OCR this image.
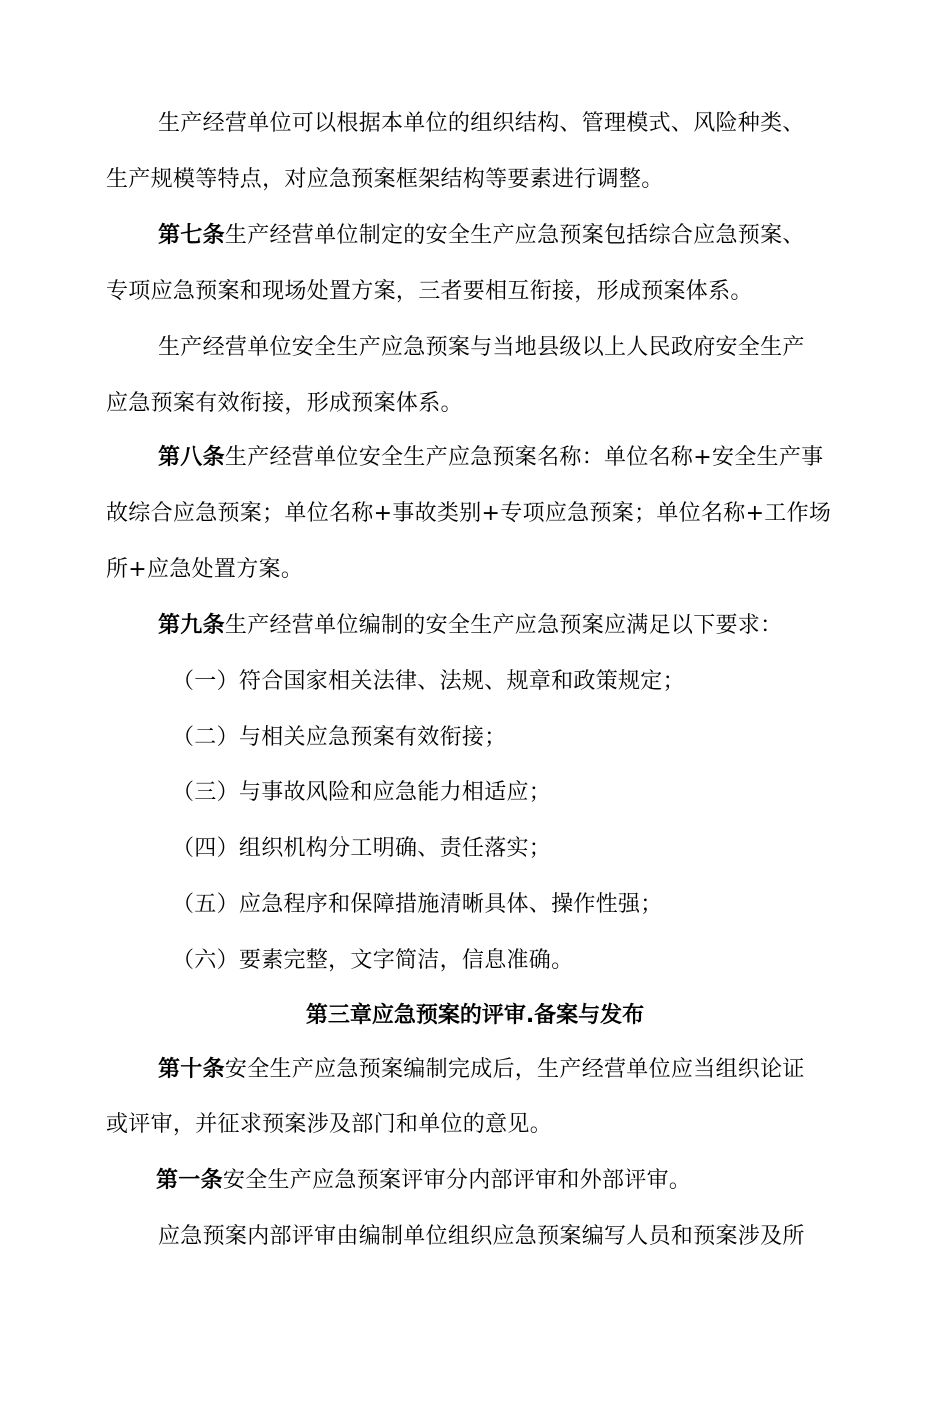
生产经营单位可以根据本单位的组织结构、管理模式、风险种类、
生产规模等特点，对应急预案框架结构等要素进行调整。
第七条生产经营单位制定的安全生产应急预案包括综合应急预案、
专项应急预案和现场处置方案，三者要相互衔接，形成预案体系。
生产经营单位安全生产应急预案与当地县级以上人民政府安全生产
应急预案有效衔接，形成预案体系。
第八条生产经营单位安全生产应急预案名称：单位名称+安全生产事
故综合应急预案；单位名称+事故类别+专项应急预案；单位名称+工作场
所+应急处置方案。
第九条生产经营单位编制的安全生产应急预案应满足以下要求：
（一）符合国家相关法律、法规、规章和政策规定；
（二）与相关应急预案有效衔接；
（三）与事故风险和应急能力相适应；
（四）组织机构分工明确、责任落实；
（五）应急程序和保障措施清晰具体、操作性强；
（六）要素完整，文字简洁，信息准确。
第三章应急预案的评审.备案与发布
第十条安全生产应急预案编制完成后，生产经营单位应当组织论证
或评审，并征求预案涉及部门和单位的意见。
第一条安全生产应急预案评审分内部评审和外部评审。
应急预案内部评审由编制单位组织应急预案编写人员和预案涉及所
